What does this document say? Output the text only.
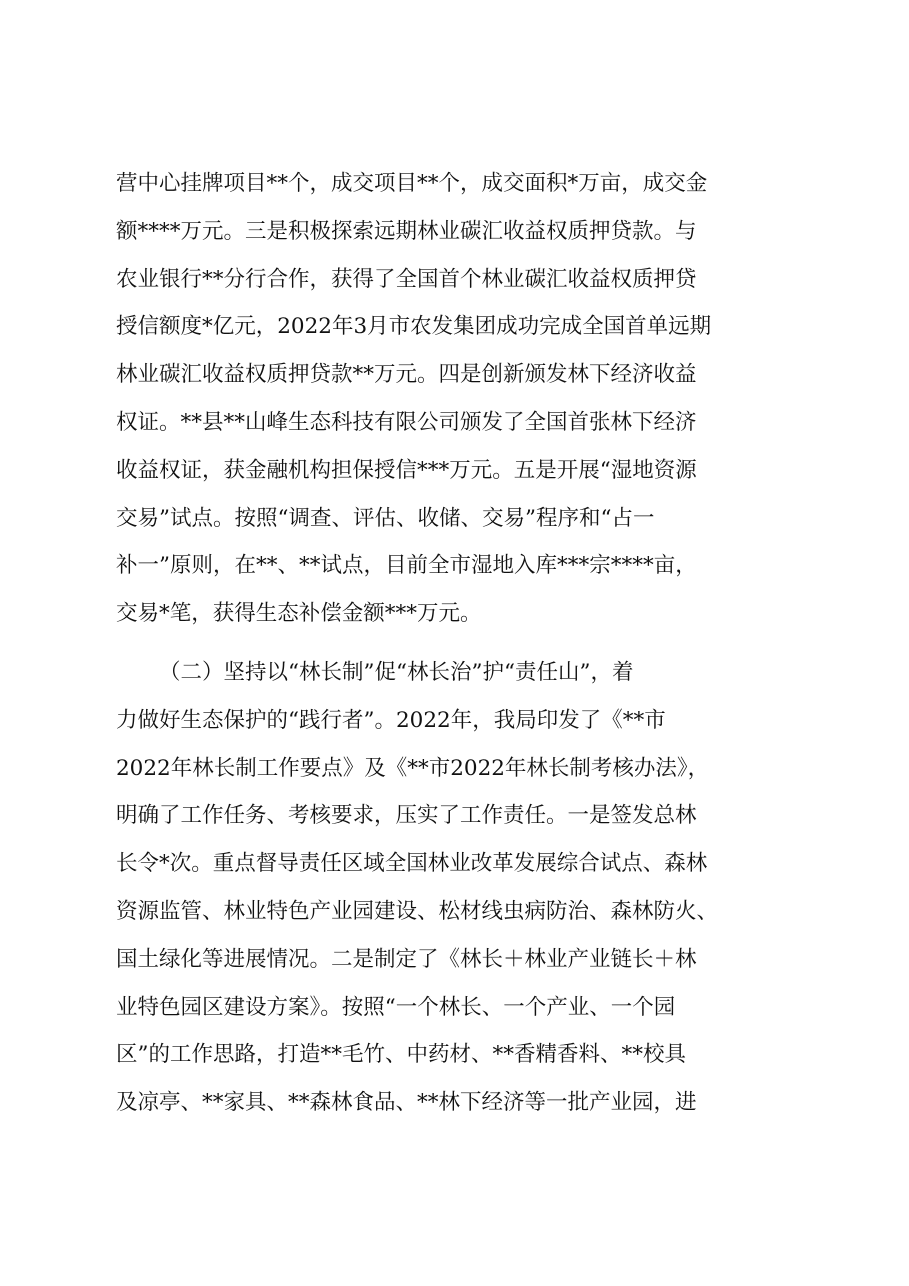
营中心挂牌项目**个，成交项目**个，成交面积*万亩，成交金
额****万元。三是积极探索远期林业碳汇收益权质押贷款。与
农业银行**分行合作，获得了全国首个林业碳汇收益权质押贷
授信额度*亿元，2022年3月市农发集团成功完成全国首单远期
林业碳汇收益权质押贷款**万元。四是创新颁发林下经济收益
权证。**县**山峰生态科技有限公司颁发了全国首张林下经济
收益权证，获金融机构担保授信***万元。五是开展“湿地资源
交易”试点。按照“调查、评估、收储、交易”程序和“占一
补一”原则，在**、**试点，目前全市湿地入库***宗****亩，
交易*笔，获得生态补偿金额***万元。
（二）坚持以“林长制”促“林长治”护“责任山”，着
力做好生态保护的“践行者”。2022年，我局印发了《**市
2022年林长制工作要点》及《**市2022年林长制考核办法》，
明确了工作任务、考核要求，压实了工作责任。一是签发总林
长令*次。重点督导责任区域全国林业改革发展综合试点、森林
资源监管、林业特色产业园建设、松材线虫病防治、森林防火、
国土绿化等进展情况。二是制定了《林长＋林业产业链长＋林
业特色园区建设方案》。按照“一个林长、一个产业、一个园
区”的工作思路，打造**毛竹、中药材、**香精香料、**校具
及凉亭、**家具、**森林食品、**林下经济等一批产业园，进
